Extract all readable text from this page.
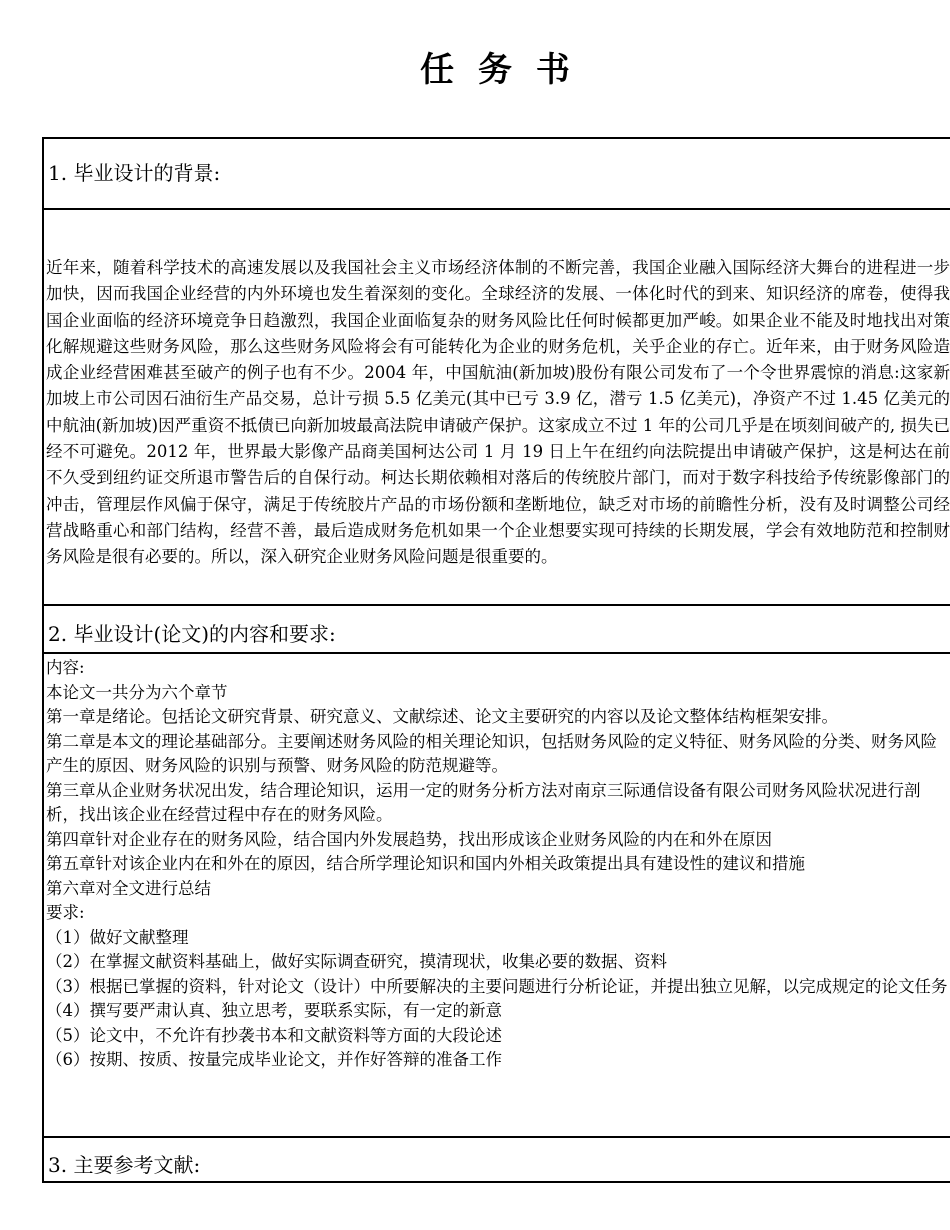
任 务 书
1. 毕业设计的背景:
近年来，随着科学技术的高速发展以及我国社会主义市场经济体制的不断完善，我国企业融入国际经济大舞台的进程进一步加快，因而我国企业经营的内外环境也发生着深刻的变化。全球经济的发展、一体化时代的到来、知识经济的席卷，使得我国企业面临的经济环境竞争日趋激烈，我国企业面临复杂的财务风险比任何时候都更加严峻。如果企业不能及时地找出对策化解规避这些财务风险，那么这些财务风险将会有可能转化为企业的财务危机，关乎企业的存亡。近年来，由于财务风险造成企业经营困难甚至破产的例子也有不少。2004 年，中国航油(新加坡)股份有限公司发布了一个令世界震惊的消息:这家新加坡上市公司因石油衍生产品交易，总计亏损 5.5 亿美元(其中已亏 3.9 亿，潜亏 1.5 亿美元)，净资产不过 1.45 亿美元的中航油(新加坡)因严重资不抵债已向新加坡最高法院申请破产保护。这家成立不过 1 年的公司几乎是在顷刻间破产的, 损失已经不可避免。2012 年，世界最大影像产品商美国柯达公司 1 月 19 日上午在纽约向法院提出申请破产保护，这是柯达在前不久受到纽约证交所退市警告后的自保行动。柯达长期依赖相对落后的传统胶片部门，而对于数字科技给予传统影像部门的冲击，管理层作风偏于保守，满足于传统胶片产品的市场份额和垄断地位，缺乏对市场的前瞻性分析，没有及时调整公司经营战略重心和部门结构，经营不善，最后造成财务危机如果一个企业想要实现可持续的长期发展，学会有效地防范和控制财务风险是很有必要的。所以，深入研究企业财务风险问题是很重要的。
2. 毕业设计(论文)的内容和要求:
内容:
本论文一共分为六个章节
第一章是绪论。包括论文研究背景、研究意义、文献综述、论文主要研究的内容以及论文整体结构框架安排。
第二章是本文的理论基础部分。主要阐述财务风险的相关理论知识，包括财务风险的定义特征、财务风险的分类、财务风险产生的原因、财务风险的识别与预警、财务风险的防范规避等。
第三章从企业财务状况出发，结合理论知识，运用一定的财务分析方法对南京三际通信设备有限公司财务风险状况进行剖析，找出该企业在经营过程中存在的财务风险。
第四章针对企业存在的财务风险，结合国内外发展趋势，找出形成该企业财务风险的内在和外在原因
第五章针对该企业内在和外在的原因，结合所学理论知识和国内外相关政策提出具有建设性的建议和措施
第六章对全文进行总结
要求:
（1）做好文献整理
（2）在掌握文献资料基础上，做好实际调查研究，摸清现状，收集必要的数据、资料
（3）根据已掌握的资料，针对论文（设计）中所要解决的主要问题进行分析论证，并提出独立见解，以完成规定的论文任务
（4）撰写要严肃认真、独立思考，要联系实际，有一定的新意
（5）论文中，不允许有抄袭书本和文献资料等方面的大段论述
（6）按期、按质、按量完成毕业论文，并作好答辩的准备工作
3. 主要参考文献:
